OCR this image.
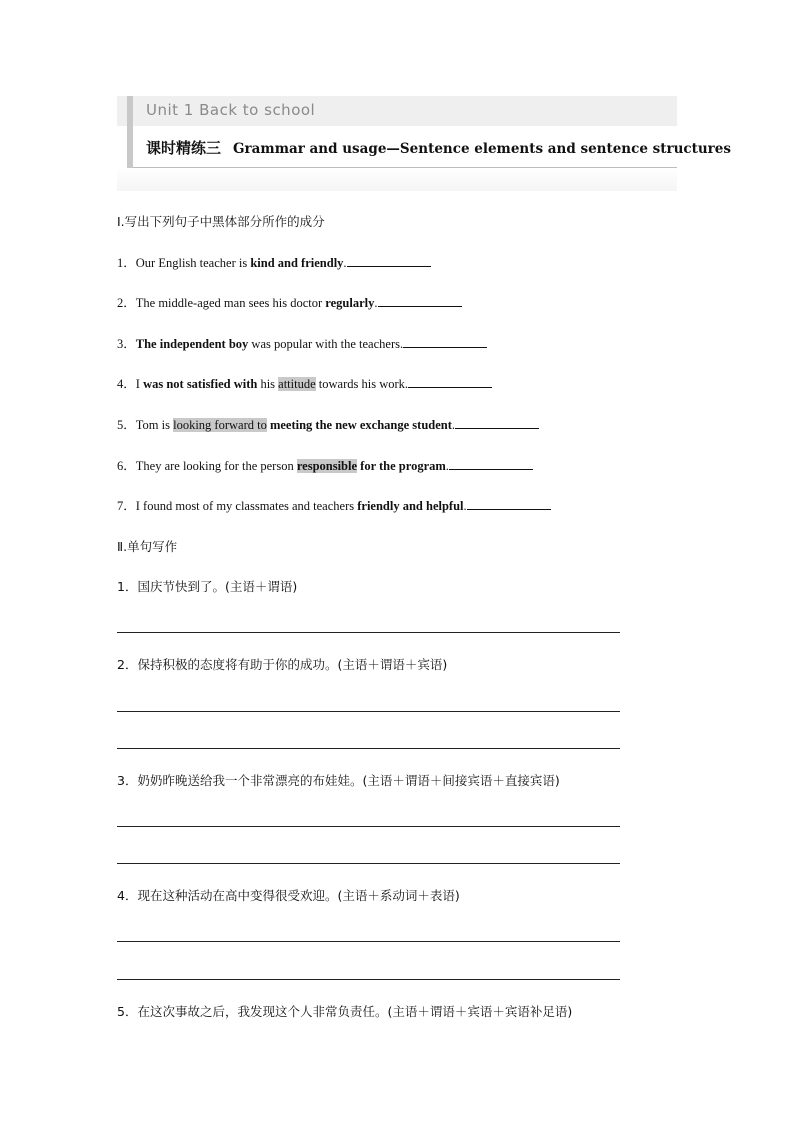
Unit 1 Back to school
课时精练三 Grammar and usage—Sentence elements and sentence structures
Ⅰ.写出下列句子中黑体部分所作的成分
1．Our English teacher is kind and friendly.
2．The middle-aged man sees his doctor regularly.
3．The independent boy was popular with the teachers.
4．I was not satisfied with his attitude towards his work.
5．Tom is looking forward to meeting the new exchange student.
6．They are looking for the person responsible for the program.
7．I found most of my classmates and teachers friendly and helpful.
Ⅱ.单句写作
1．国庆节快到了。(主语＋谓语)
2．保持积极的态度将有助于你的成功。(主语＋谓语＋宾语)
3．奶奶昨晚送给我一个非常漂亮的布娃娃。(主语＋谓语＋间接宾语＋直接宾语)
4．现在这种活动在高中变得很受欢迎。(主语＋系动词＋表语)
5．在这次事故之后，我发现这个人非常负责任。(主语＋谓语＋宾语＋宾语补足语)
